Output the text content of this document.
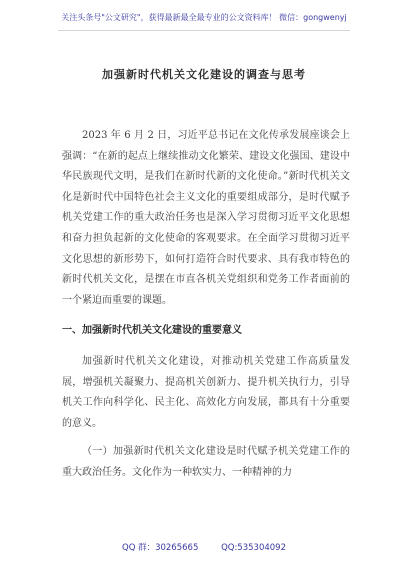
关注头条号"公文研究"，获得最新最全最专业的公文资料库！ 微信：gongwenyj
加强新时代机关文化建设的调查与思考

2023 年 6 月 2 日，习近平总书记在文化传承发展座谈会上强调：“在新的起点上继续推动文化繁荣、建设文化强国、建设中华民族现代文明，是我们在新时代新的文化使命。”新时代机关文化是新时代中国特色社会主义文化的重要组成部分，是时代赋予机关党建工作的重大政治任务也是深入学习贯彻习近平文化思想和奋力担负起新的文化使命的客观要求。在全面学习贯彻习近平文化思想的新形势下，如何打造符合时代要求、具有我市特色的新时代机关文化，是摆在市直各机关党组织和党务工作者面前的一个紧迫而重要的课题。

一、加强新时代机关文化建设的重要意义

加强新时代机关文化建设，对推动机关党建工作高质量发展，增强机关凝聚力、提高机关创新力、提升机关执行力，引导机关工作向科学化、民主化、高效化方向发展，都具有十分重要的意义。

（一）加强新时代机关文化建设是时代赋予机关党建工作的重大政治任务。文化作为一种软实力、一种精神的力

QQ 群：30265665	QQ:535304092
